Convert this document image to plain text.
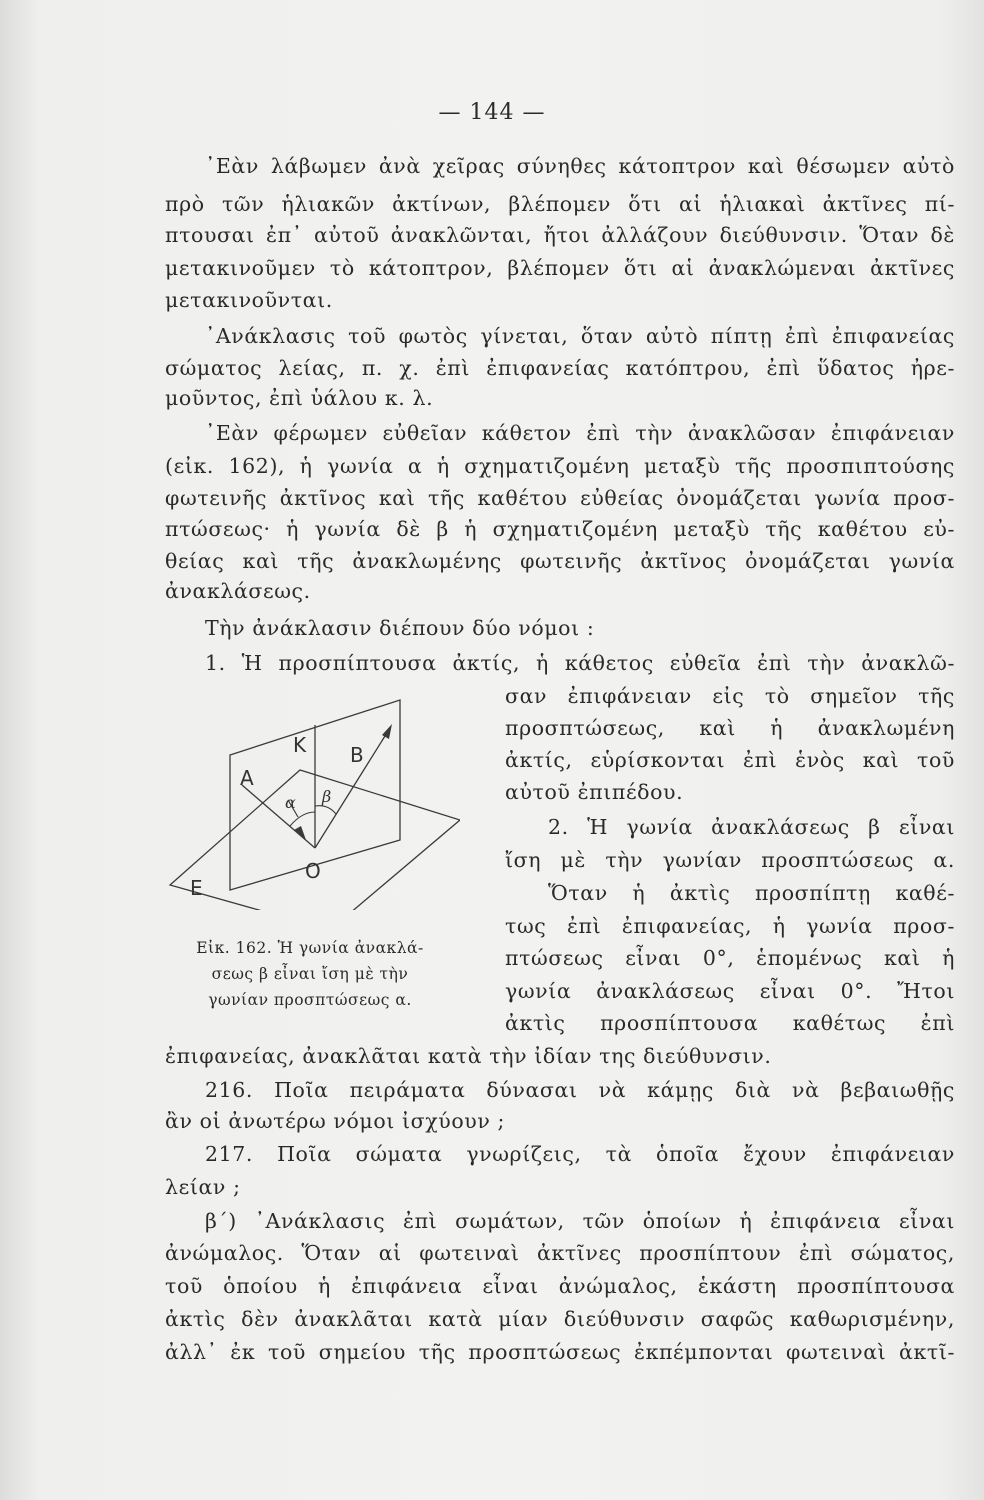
— 144 —
᾿Εὰν λάβωμεν ἀνὰ χεῖρας σύνηθες κάτοπτρον καὶ θέσωμεν αὐτὸ
πρὸ τῶν ἡλιακῶν ἀκτίνων, βλέπομεν ὅτι αἱ ἡλιακαὶ ἀκτῖνες πί-
πτουσαι ἐπ᾿ αὐτοῦ ἀνακλῶνται, ἤτοι ἀλλάζουν διεύθυνσιν. Ὅταν δὲ
μετακινοῦμεν τὸ κάτοπτρον, βλέπομεν ὅτι αἱ ἀνακλώμεναι ἀκτῖνες
μετακινοῦνται.
᾿Ανάκλασις τοῦ φωτὸς γίνεται, ὅταν αὐτὸ πίπτῃ ἐπὶ ἐπιφανείας
σώματος λείας, π. χ. ἐπὶ ἐπιφανείας κατόπτρου, ἐπὶ ὕδατος ἠρε-
μοῦντος, ἐπὶ ὑάλου κ. λ.
᾿Εὰν φέρωμεν εὐθεῖαν κάθετον ἐπὶ τὴν ἀνακλῶσαν ἐπιφάνειαν
(εἰκ. 162), ἡ γωνία α ἡ σχηματιζομένη μεταξὺ τῆς προσπιπτούσης
φωτεινῆς ἀκτῖνος καὶ τῆς καθέτου εὐθείας ὀνομάζεται γωνία προσ-
πτώσεως· ἡ γωνία δὲ β ἡ σχηματιζομένη μεταξὺ τῆς καθέτου εὐ-
θείας καὶ τῆς ἀνακλωμένης φωτεινῆς ἀκτῖνος ὀνομάζεται γωνία
ἀνακλάσεως.
Τὴν ἀνάκλασιν διέπουν δύο νόμοι :
1. Ἡ προσπίπτουσα ἀκτίς, ἡ κάθετος εὐθεῖα ἐπὶ τὴν ἀνακλῶ-
σαν ἐπιφάνειαν εἰς τὸ σημεῖον τῆς
προσπτώσεως, καὶ ἡ ἀνακλωμένη
ἀκτίς, εὑρίσκονται ἐπὶ ἑνὸς καὶ τοῦ
αὐτοῦ ἐπιπέδου.
2. Ἡ γωνία ἀνακλάσεως β εἶναι
ἴση μὲ τὴν γωνίαν προσπτώσεως α.
Ὅταν ἡ ἀκτὶς προσπίπτῃ καθέ-
τως ἐπὶ ἐπιφανείας, ἡ γωνία προσ-
πτώσεως εἶναι 0°, ἑπομένως καὶ ἡ
γωνία ἀνακλάσεως εἶναι 0°. Ἤτοι
ἀκτὶς προσπίπτουσα καθέτως ἐπὶ
ἐπιφανείας, ἀνακλᾶται κατὰ τὴν ἰδίαν της διεύθυνσιν.
216. Ποῖα πειράματα δύνασαι νὰ κάμῃς διὰ νὰ βεβαιωθῇς
ἂν οἱ ἀνωτέρω νόμοι ἰσχύουν ;
217. Ποῖα σώματα γνωρίζεις, τὰ ὁποῖα ἔχουν ἐπιφάνειαν
λείαν ;
β΄) ᾿Ανάκλασις ἐπὶ σωμάτων, τῶν ὁποίων ἡ ἐπιφάνεια εἶναι
ἀνώμαλος. Ὅταν αἱ φωτειναὶ ἀκτῖνες προσπίπτουν ἐπὶ σώματος,
τοῦ ὁποίου ἡ ἐπιφάνεια εἶναι ἀνώμαλος, ἑκάστη προσπίπτουσα
ἀκτὶς δὲν ἀνακλᾶται κατὰ μίαν διεύθυνσιν σαφῶς καθωρισμένην,
ἀλλ᾿ ἐκ τοῦ σημείου τῆς προσπτώσεως ἐκπέμπονται φωτειναὶ ἀκτῖ-
K B
A
E
O
α β
Εἰκ. 162. Ἡ γωνία ἀνακλά-
σεως β εἶναι ἴση μὲ τὴν
γωνίαν προσπτώσεως α.
